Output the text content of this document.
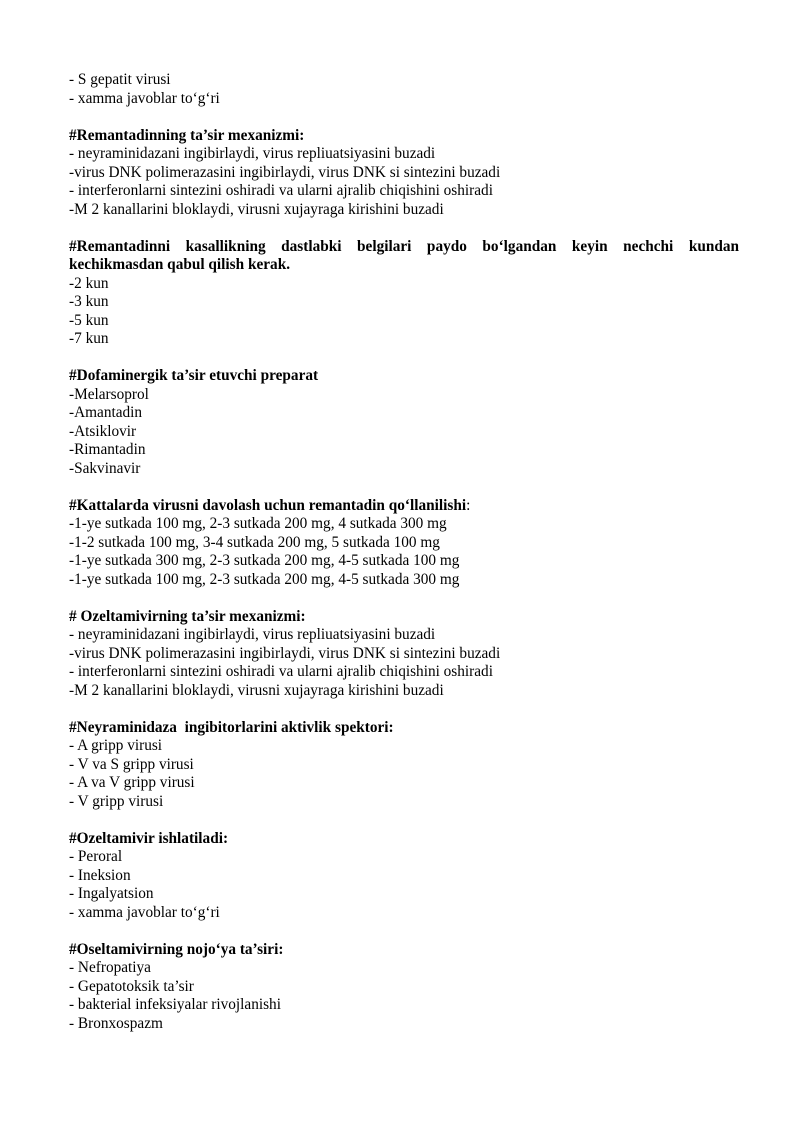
- S gepatit virusi
- xamma javoblar to‘g‘ri
#Remantadinning ta’sir mexanizmi:
- neyraminidazani ingibirlaydi, virus repliuatsiyasini buzadi
-virus DNK polimerazasini ingibirlaydi, virus DNK si sintezini buzadi
- interferonlarni sintezini oshiradi va ularni ajralib chiqishini oshiradi
-M 2 kanallarini bloklaydi, virusni xujayraga kirishini buzadi
#Remantadinni kasallikning dastlabki belgilari paydo bo‘lgandan keyin nechchi kundan
kechikmasdan qabul qilish kerak.
-2 kun
-3 kun
-5 kun
-7 kun
#Dofaminergik ta’sir etuvchi preparat
-Melarsoprol
-Amantadin
-Atsiklovir
-Rimantadin
-Sakvinavir
#Kattalarda virusni davolash uchun remantadin qo‘llanilishi:
-1-ye sutkada 100 mg, 2-3 sutkada 200 mg, 4 sutkada 300 mg
-1-2 sutkada 100 mg, 3-4 sutkada 200 mg, 5 sutkada 100 mg
-1-ye sutkada 300 mg, 2-3 sutkada 200 mg, 4-5 sutkada 100 mg
-1-ye sutkada 100 mg, 2-3 sutkada 200 mg, 4-5 sutkada 300 mg
# Ozeltamivirning ta’sir mexanizmi:
- neyraminidazani ingibirlaydi, virus repliuatsiyasini buzadi
-virus DNK polimerazasini ingibirlaydi, virus DNK si sintezini buzadi
- interferonlarni sintezini oshiradi va ularni ajralib chiqishini oshiradi
-M 2 kanallarini bloklaydi, virusni xujayraga kirishini buzadi
#Neyraminidaza  ingibitorlarini aktivlik spektori:
- A gripp virusi
- V va S gripp virusi
- A va V gripp virusi
- V gripp virusi
#Ozeltamivir ishlatiladi:
- Peroral
- Ineksion
- Ingalyatsion
- xamma javoblar to‘g‘ri
#Oseltamivirning nojo‘ya ta’siri:
- Nefropatiya
- Gepatotoksik ta’sir
- bakterial infeksiyalar rivojlanishi
- Bronxospazm
